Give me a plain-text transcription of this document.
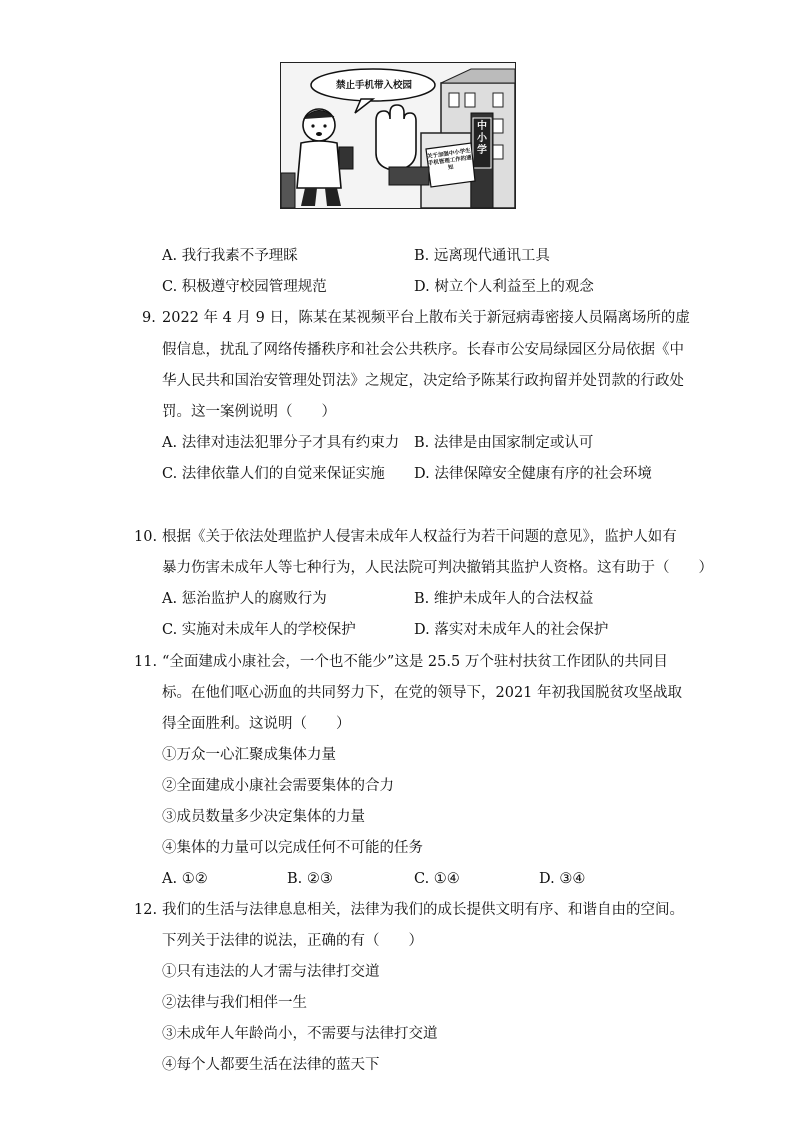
禁止手机带入校园
中小学
关于加强中小学生手机管理工作的通知
A. 我行我素不予理睬	B. 远离现代通讯工具
C. 积极遵守校园管理规范	D. 树立个人利益至上的观念
9. 2022 年 4 月 9 日，陈某在某视频平台上散布关于新冠病毒密接人员隔离场所的虚
假信息，扰乱了网络传播秩序和社会公共秩序。长春市公安局绿园区分局依据《中
华人民共和国治安管理处罚法》之规定，决定给予陈某行政拘留并处罚款的行政处
罚。这一案例说明（　　）
A. 法律对违法犯罪分子才具有约束力 B. 法律是由国家制定或认可
C. 法律依靠人们的自觉来保证实施 D. 法律保障安全健康有序的社会环境
10. 根据《关于依法处理监护人侵害未成年人权益行为若干问题的意见》，监护人如有
暴力伤害未成年人等七种行为，人民法院可判决撤销其监护人资格。这有助于（　　）
A. 惩治监护人的腐败行为	B. 维护未成年人的合法权益
C. 实施对未成年人的学校保护	D. 落实对未成年人的社会保护
11. “全面建成小康社会，一个也不能少”这是 25.5 万个驻村扶贫工作团队的共同目
标。在他们呕心沥血的共同努力下，在党的领导下，2021 年初我国脱贫攻坚战取
得全面胜利。这说明（　　）
①万众一心汇聚成集体力量
②全面建成小康社会需要集体的合力
③成员数量多少决定集体的力量
④集体的力量可以完成任何不可能的任务
A. ①②	B. ②③	C. ①④	D. ③④
12. 我们的生活与法律息息相关，法律为我们的成长提供文明有序、和谐自由的空间。
下列关于法律的说法，正确的有（　　）
①只有违法的人才需与法律打交道
②法律与我们相伴一生
③未成年人年龄尚小，不需要与法律打交道
④每个人都要生活在法律的蓝天下
